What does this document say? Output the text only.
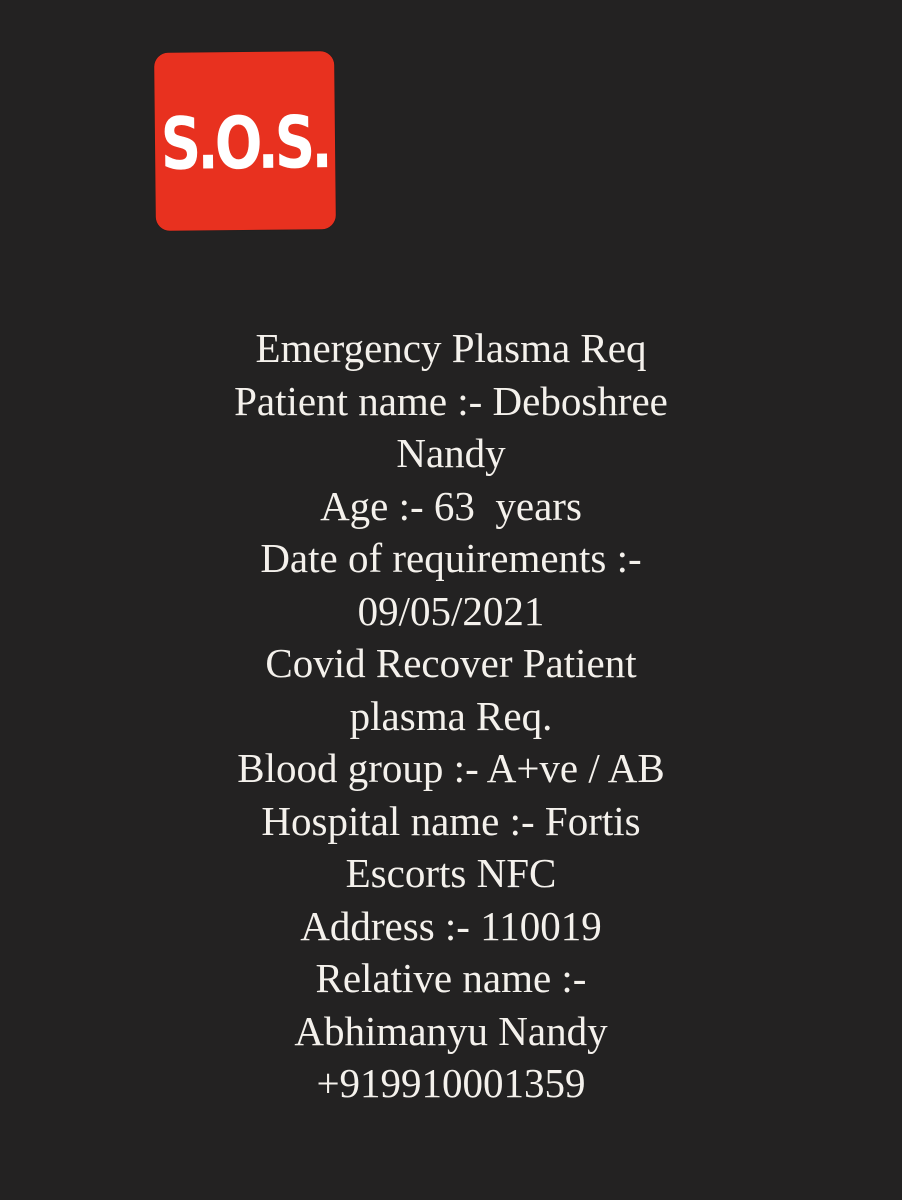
S.O.S.
Emergency Plasma Req
Patient name :- Deboshree
Nandy
Age :- 63  years
Date of requirements :-
09/05/2021
Covid Recover Patient
plasma Req.
Blood group :- A+ve / AB
Hospital name :- Fortis
Escorts NFC
Address :- 110019
Relative name :-
Abhimanyu Nandy
+919910001359
